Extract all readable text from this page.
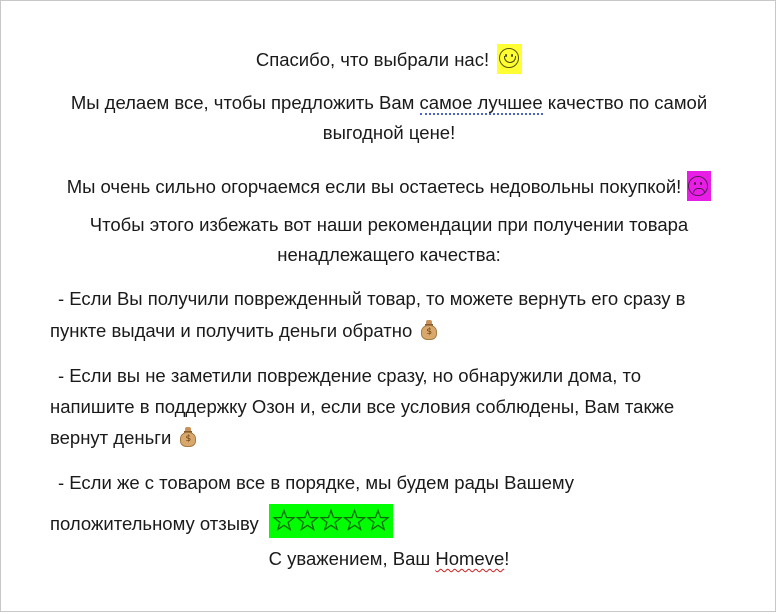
Спасибо, что выбрали нас!
Мы делаем все, чтобы предложить Вам самое лучшее качество по самой
выгодной цене!
Мы очень сильно огорчаемся если вы остаетесь недовольны покупкой!
Чтобы этого избежать вот наши рекомендации при получении товара
ненадлежащего качества:
- Если Вы получили поврежденный товар, то можете вернуть его сразу в
пункте выдачи и получить деньги обратно	$
- Если вы не заметили повреждение сразу, но обнаружили дома, то
напишите в поддержку Озон и, если все условия соблюдены, Вам также
вернут деньги	$
- Если же с товаром все в порядке, мы будем рады Вашему
положительному отзыву
С уважением, Ваш Homeve!
